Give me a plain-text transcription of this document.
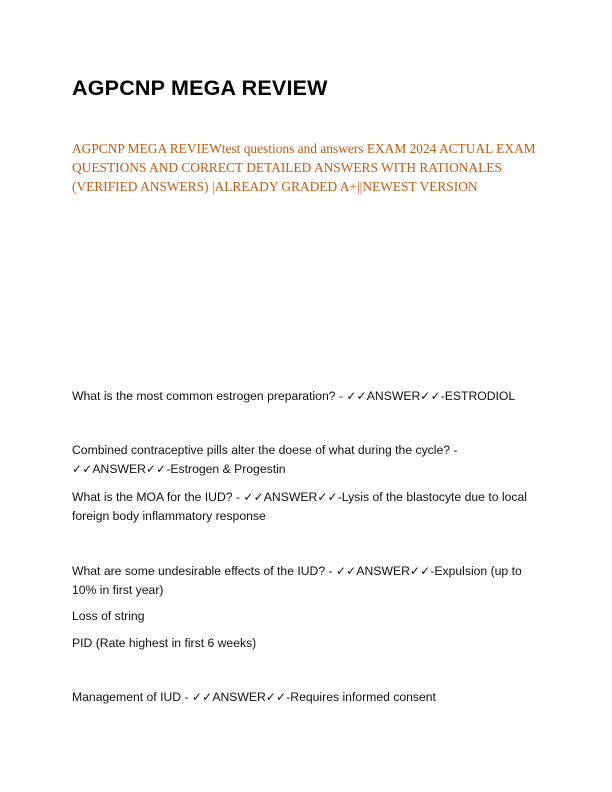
AGPCNP MEGA REVIEW
AGPCNP MEGA REVIEWtest questions and answers EXAM 2024 ACTUAL EXAM QUESTIONS AND CORRECT DETAILED ANSWERS WITH RATIONALES (VERIFIED ANSWERS) |ALREADY GRADED A+||NEWEST VERSION
What is the most common estrogen preparation? - ✓✓ANSWER✓✓-ESTRODIOL
Combined contraceptive pills alter the doese of what during the cycle? - ✓✓ANSWER✓✓-Estrogen & Progestin
What is the MOA for the IUD? - ✓✓ANSWER✓✓-Lysis of the blastocyte due to local foreign body inflammatory response
What are some undesirable effects of the IUD? - ✓✓ANSWER✓✓-Expulsion (up to 10% in first year)
Loss of string
PID (Rate highest in first 6 weeks)
Management of IUD - ✓✓ANSWER✓✓-Requires informed consent
